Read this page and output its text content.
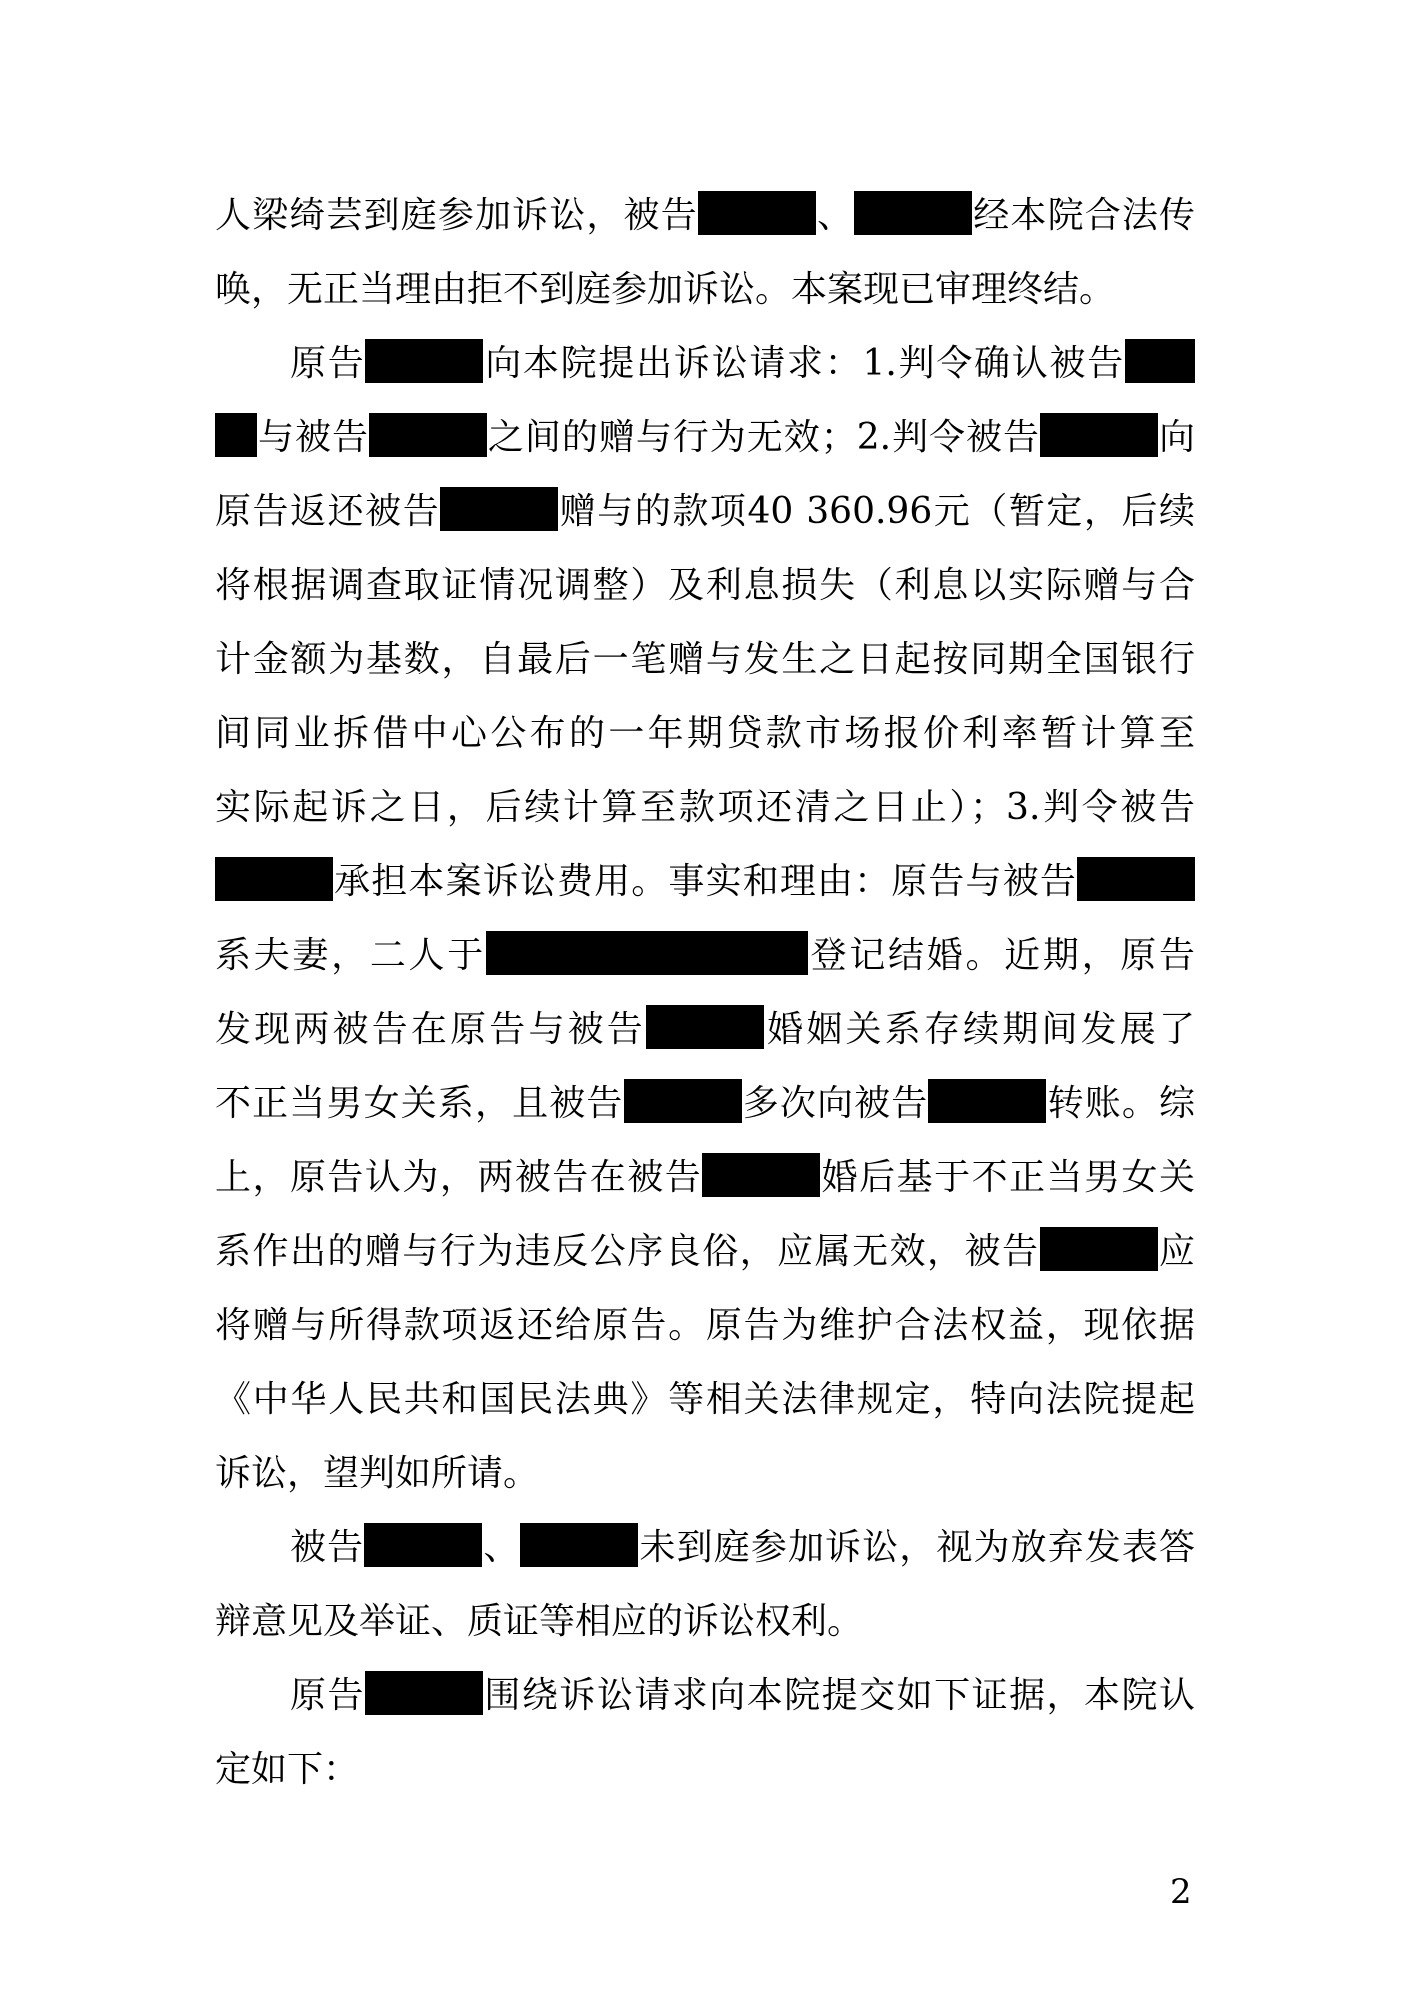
人梁绮芸到庭参加诉讼，被告	、	经本院合法传
唤，无正当理由拒不到庭参加诉讼。本案现已审理终结。
原告	向本院提出诉讼请求：1.判令确认被告
与被告	之间的赠与行为无效；2.判令被告	向
原告返还被告	赠与的款项40 360.96元（暂定，后续
将根据调查取证情况调整）及利息损失（利息以实际赠与合
计金额为基数，自最后一笔赠与发生之日起按同期全国银行
间同业拆借中心公布的一年期贷款市场报价利率暂计算至
实际起诉之日，后续计算至款项还清之日止）；3.判令被告
承担本案诉讼费用。事实和理由：原告与被告
系夫妻，二人于	登记结婚。近期，原告
发现两被告在原告与被告	婚姻关系存续期间发展了
不正当男女关系，且被告	多次向被告	转账。综
上，原告认为，两被告在被告	婚后基于不正当男女关
系作出的赠与行为违反公序良俗，应属无效，被告	应
将赠与所得款项返还给原告。原告为维护合法权益，现依据
《中华人民共和国民法典》等相关法律规定，特向法院提起
诉讼，望判如所请。
被告	、	未到庭参加诉讼，视为放弃发表答
辩意见及举证、质证等相应的诉讼权利。
原告	围绕诉讼请求向本院提交如下证据，本院认
定如下：
2
